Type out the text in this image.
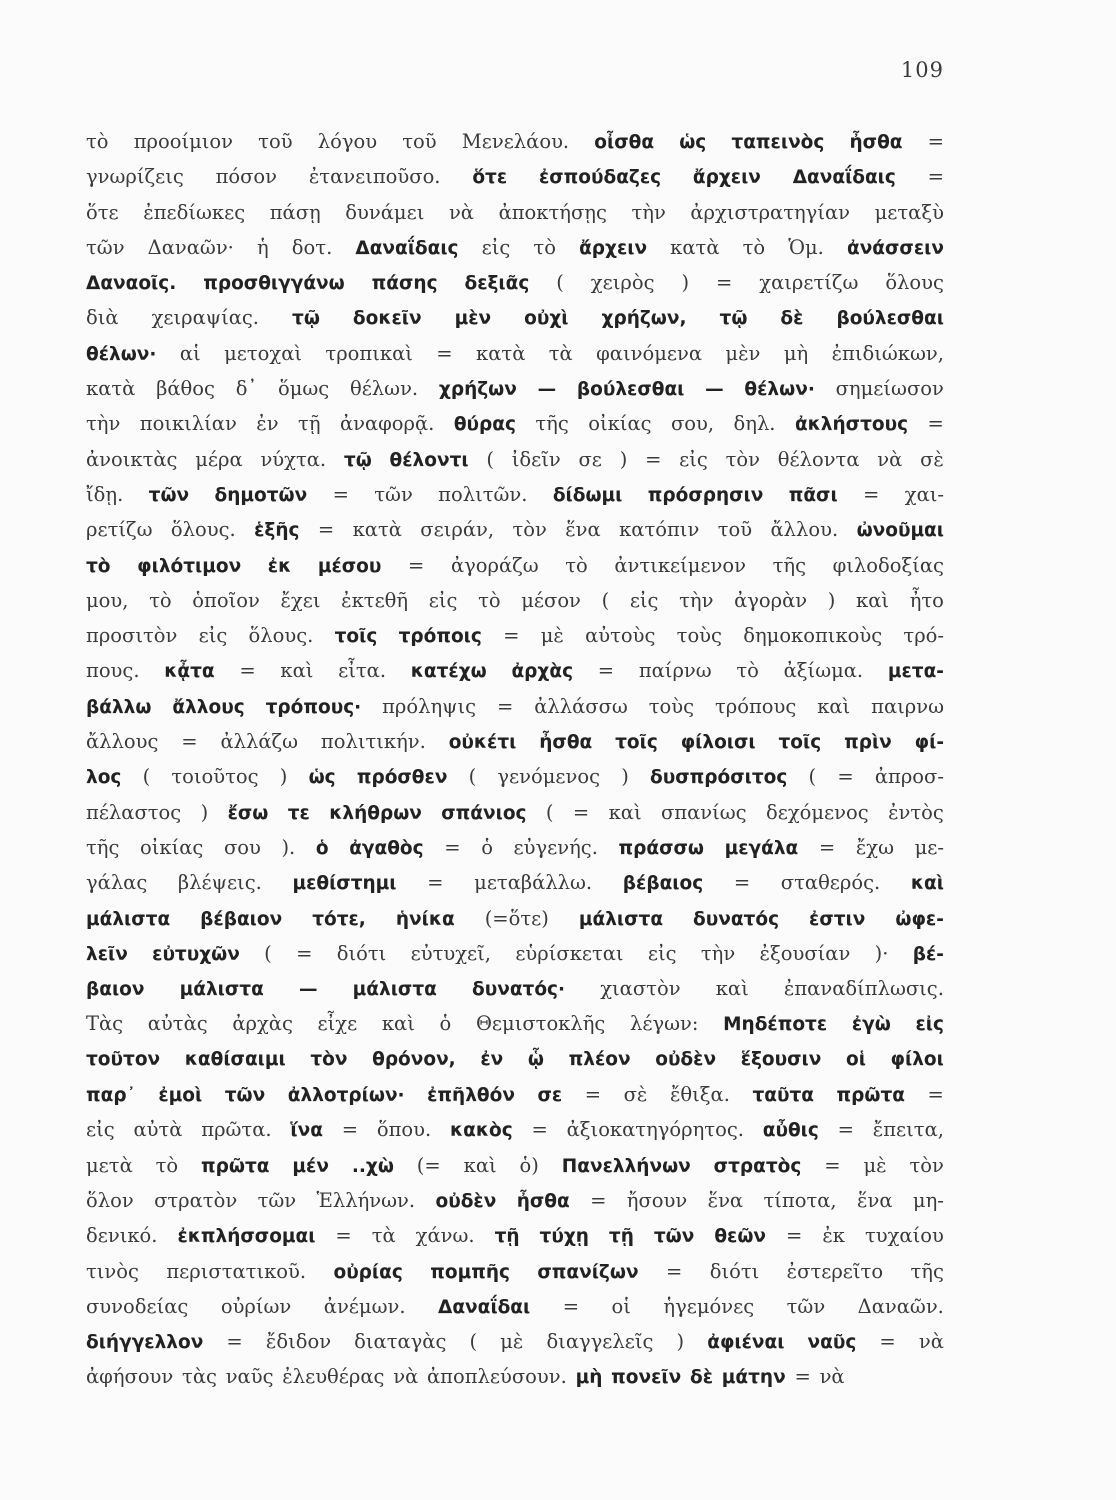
109
τὸ προοίμιον τοῦ λόγου τοῦ Μενελάου. οἶσθα ὡς ταπεινὸς ἦσθα =
γνωρίζεις πόσον ἐτανειποῦσο. ὅτε ἐσπούδαζες ἄρχειν Δαναΐδαις =
ὅτε ἐπεδίωκες πάσῃ δυνάμει νὰ ἀποκτήσῃς τὴν ἀρχιστρατηγίαν μεταξὺ
τῶν Δαναῶν· ἡ δοτ. Δαναΐδαις εἰς τὸ ἄρχειν κατὰ τὸ Ὁμ. ἀνάσσειν
Δαναοῖς. προσθιγγάνω πάσης δεξιᾶς ( χειρὸς ) = χαιρετίζω ὅλους
διὰ χειραψίας. τῷ δοκεῖν μὲν οὐχὶ χρήζων, τῷ δὲ βούλεσθαι
θέλων· αἱ μετοχαὶ τροπικαὶ = κατὰ τὰ φαινόμενα μὲν μὴ ἐπιδιώκων,
κατὰ βάθος δ᾽ ὅμως θέλων. χρήζων — βούλεσθαι — θέλων· σημείωσον
τὴν ποικιλίαν ἐν τῇ ἀναφορᾷ. θύρας τῆς οἰκίας σου, δηλ. ἀκλήστους =
ἀνοικτὰς μέρα νύχτα. τῷ θέλοντι ( ἰδεῖν σε ) = εἰς τὸν θέλοντα νὰ σὲ
ἴδῃ. τῶν δημοτῶν = τῶν πολιτῶν. δίδωμι πρόσρησιν πᾶσι = χαι-
ρετίζω ὅλους. ἑξῆς = κατὰ σειράν, τὸν ἕνα κατόπιν τοῦ ἄλλου. ὠνοῦμαι
τὸ φιλότιμον ἐκ μέσου = ἀγοράζω τὸ ἀντικείμενον τῆς φιλοδοξίας
μου, τὸ ὁποῖον ἔχει ἐκτεθῆ εἰς τὸ μέσον ( εἰς τὴν ἀγορὰν ) καὶ ἦτο
προσιτὸν εἰς ὅλους. τοῖς τρόποις = μὲ αὐτοὺς τοὺς δημοκοπικοὺς τρό-
πους. κᾆτα = καὶ εἶτα. κατέχω ἀρχὰς = παίρνω τὸ ἀξίωμα. μετα-
βάλλω ἄλλους τρόπους· πρόληψις = ἀλλάσσω τοὺς τρόπους καὶ παιρνω
ἄλλους = ἀλλάζω πολιτικήν. οὐκέτι ἦσθα τοῖς φίλοισι τοῖς πρὶν φί-
λος ( τοιοῦτος ) ὡς πρόσθεν ( γενόμενος ) δυσπρόσιτος ( = ἀπροσ-
πέλαστος ) ἔσω τε κλήθρων σπάνιος ( = καὶ σπανίως δεχόμενος ἐντὸς
τῆς οἰκίας σου ). ὁ ἀγαθὸς = ὁ εὐγενής. πράσσω μεγάλα = ἔχω με-
γάλας βλέψεις. μεθίστημι = μεταβάλλω. βέβαιος = σταθερός. καὶ
μάλιστα βέβαιον τότε, ἡνίκα (=ὅτε) μάλιστα δυνατός ἐστιν ὠφε-
λεῖν εὐτυχῶν ( = διότι εὐτυχεῖ, εὑρίσκεται εἰς τὴν ἐξουσίαν )· βέ-
βαιον μάλιστα — μάλιστα δυνατός· χιαστὸν καὶ ἐπαναδίπλωσις.
Τὰς αὐτὰς ἀρχὰς εἶχε καὶ ὁ Θεμιστοκλῆς λέγων: Μηδέποτε ἐγὼ εἰς
τοῦτον καθίσαιμι τὸν θρόνον, ἐν ᾧ πλέον οὐδὲν ἕξουσιν οἱ φίλοι
παρ᾽ ἐμοὶ τῶν ἀλλοτρίων· ἐπῆλθόν σε = σὲ ἔθιξα. ταῦτα πρῶτα =
εἰς αὐτὰ πρῶτα. ἵνα = ὅπου. κακὸς = ἀξιοκατηγόρητος. αὖθις = ἔπειτα,
μετὰ τὸ πρῶτα μέν ..χὼ (= καὶ ὁ) Πανελλήνων στρατὸς = μὲ τὸν
ὅλον στρατὸν τῶν Ἑλλήνων. οὐδὲν ἦσθα = ἤσουν ἕνα τίποτα, ἕνα μη-
δενικό. ἐκπλήσσομαι = τὰ χάνω. τῇ τύχῃ τῇ τῶν θεῶν = ἐκ τυχαίου
τινὸς περιστατικοῦ. οὐρίας πομπῆς σπανίζων = διότι ἐστερεῖτο τῆς
συνοδείας οὐρίων ἀνέμων. Δαναΐδαι = οἱ ἡγεμόνες τῶν Δαναῶν.
διήγγελλον = ἔδιδον διαταγὰς ( μὲ διαγγελεῖς ) ἀφιέναι ναῦς = νὰ
ἀφήσουν τὰς ναῦς ἐλευθέρας νὰ ἀποπλεύσουν. μὴ πονεῖν δὲ μάτην = νὰ
